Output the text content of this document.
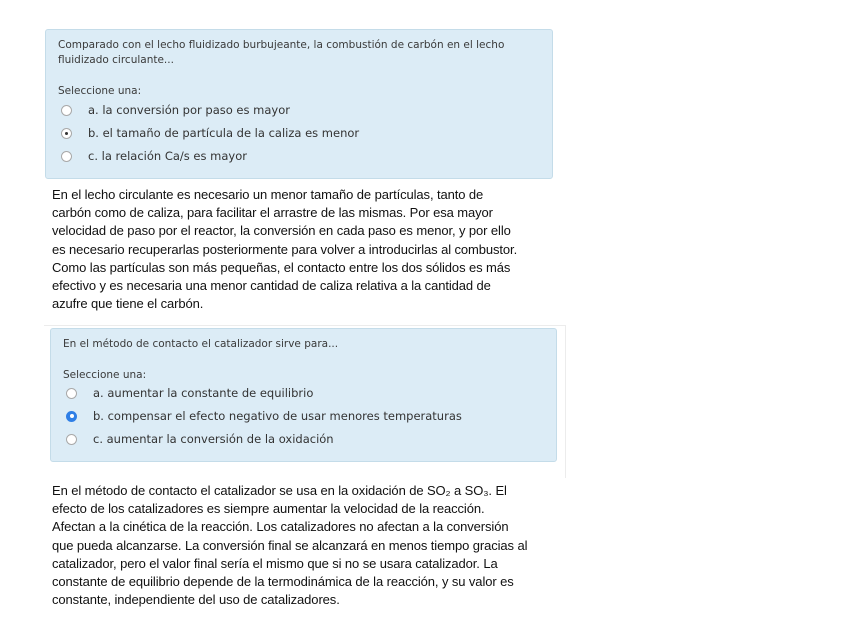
Comparado con el lecho fluidizado burbujeante, la combustión de carbón en el lecho
fluidizado circulante...
Seleccione una:
a. la conversión por paso es mayor
b. el tamaño de partícula de la caliza es menor
c. la relación Ca/s es mayor
En el lecho circulante es necesario un menor tamaño de partículas, tanto de
carbón como de caliza, para facilitar el arrastre de las mismas. Por esa mayor
velocidad de paso por el reactor, la conversión en cada paso es menor, y por ello
es necesario recuperarlas posteriormente para volver a introducirlas al combustor.
Como las partículas son más pequeñas, el contacto entre los dos sólidos es más
efectivo y es necesaria una menor cantidad de caliza relativa a la cantidad de
azufre que tiene el carbón.
En el método de contacto el catalizador sirve para...
Seleccione una:
a. aumentar la constante de equilibrio
b. compensar el efecto negativo de usar menores temperaturas
c. aumentar la conversión de la oxidación
En el método de contacto el catalizador se usa en la oxidación de SO₂ a SO₃. El
efecto de los catalizadores es siempre aumentar la velocidad de la reacción.
Afectan a la cinética de la reacción. Los catalizadores no afectan a la conversión
que pueda alcanzarse. La conversión final se alcanzará en menos tiempo gracias al
catalizador, pero el valor final sería el mismo que si no se usara catalizador. La
constante de equilibrio depende de la termodinámica de la reacción, y su valor es
constante, independiente del uso de catalizadores.
